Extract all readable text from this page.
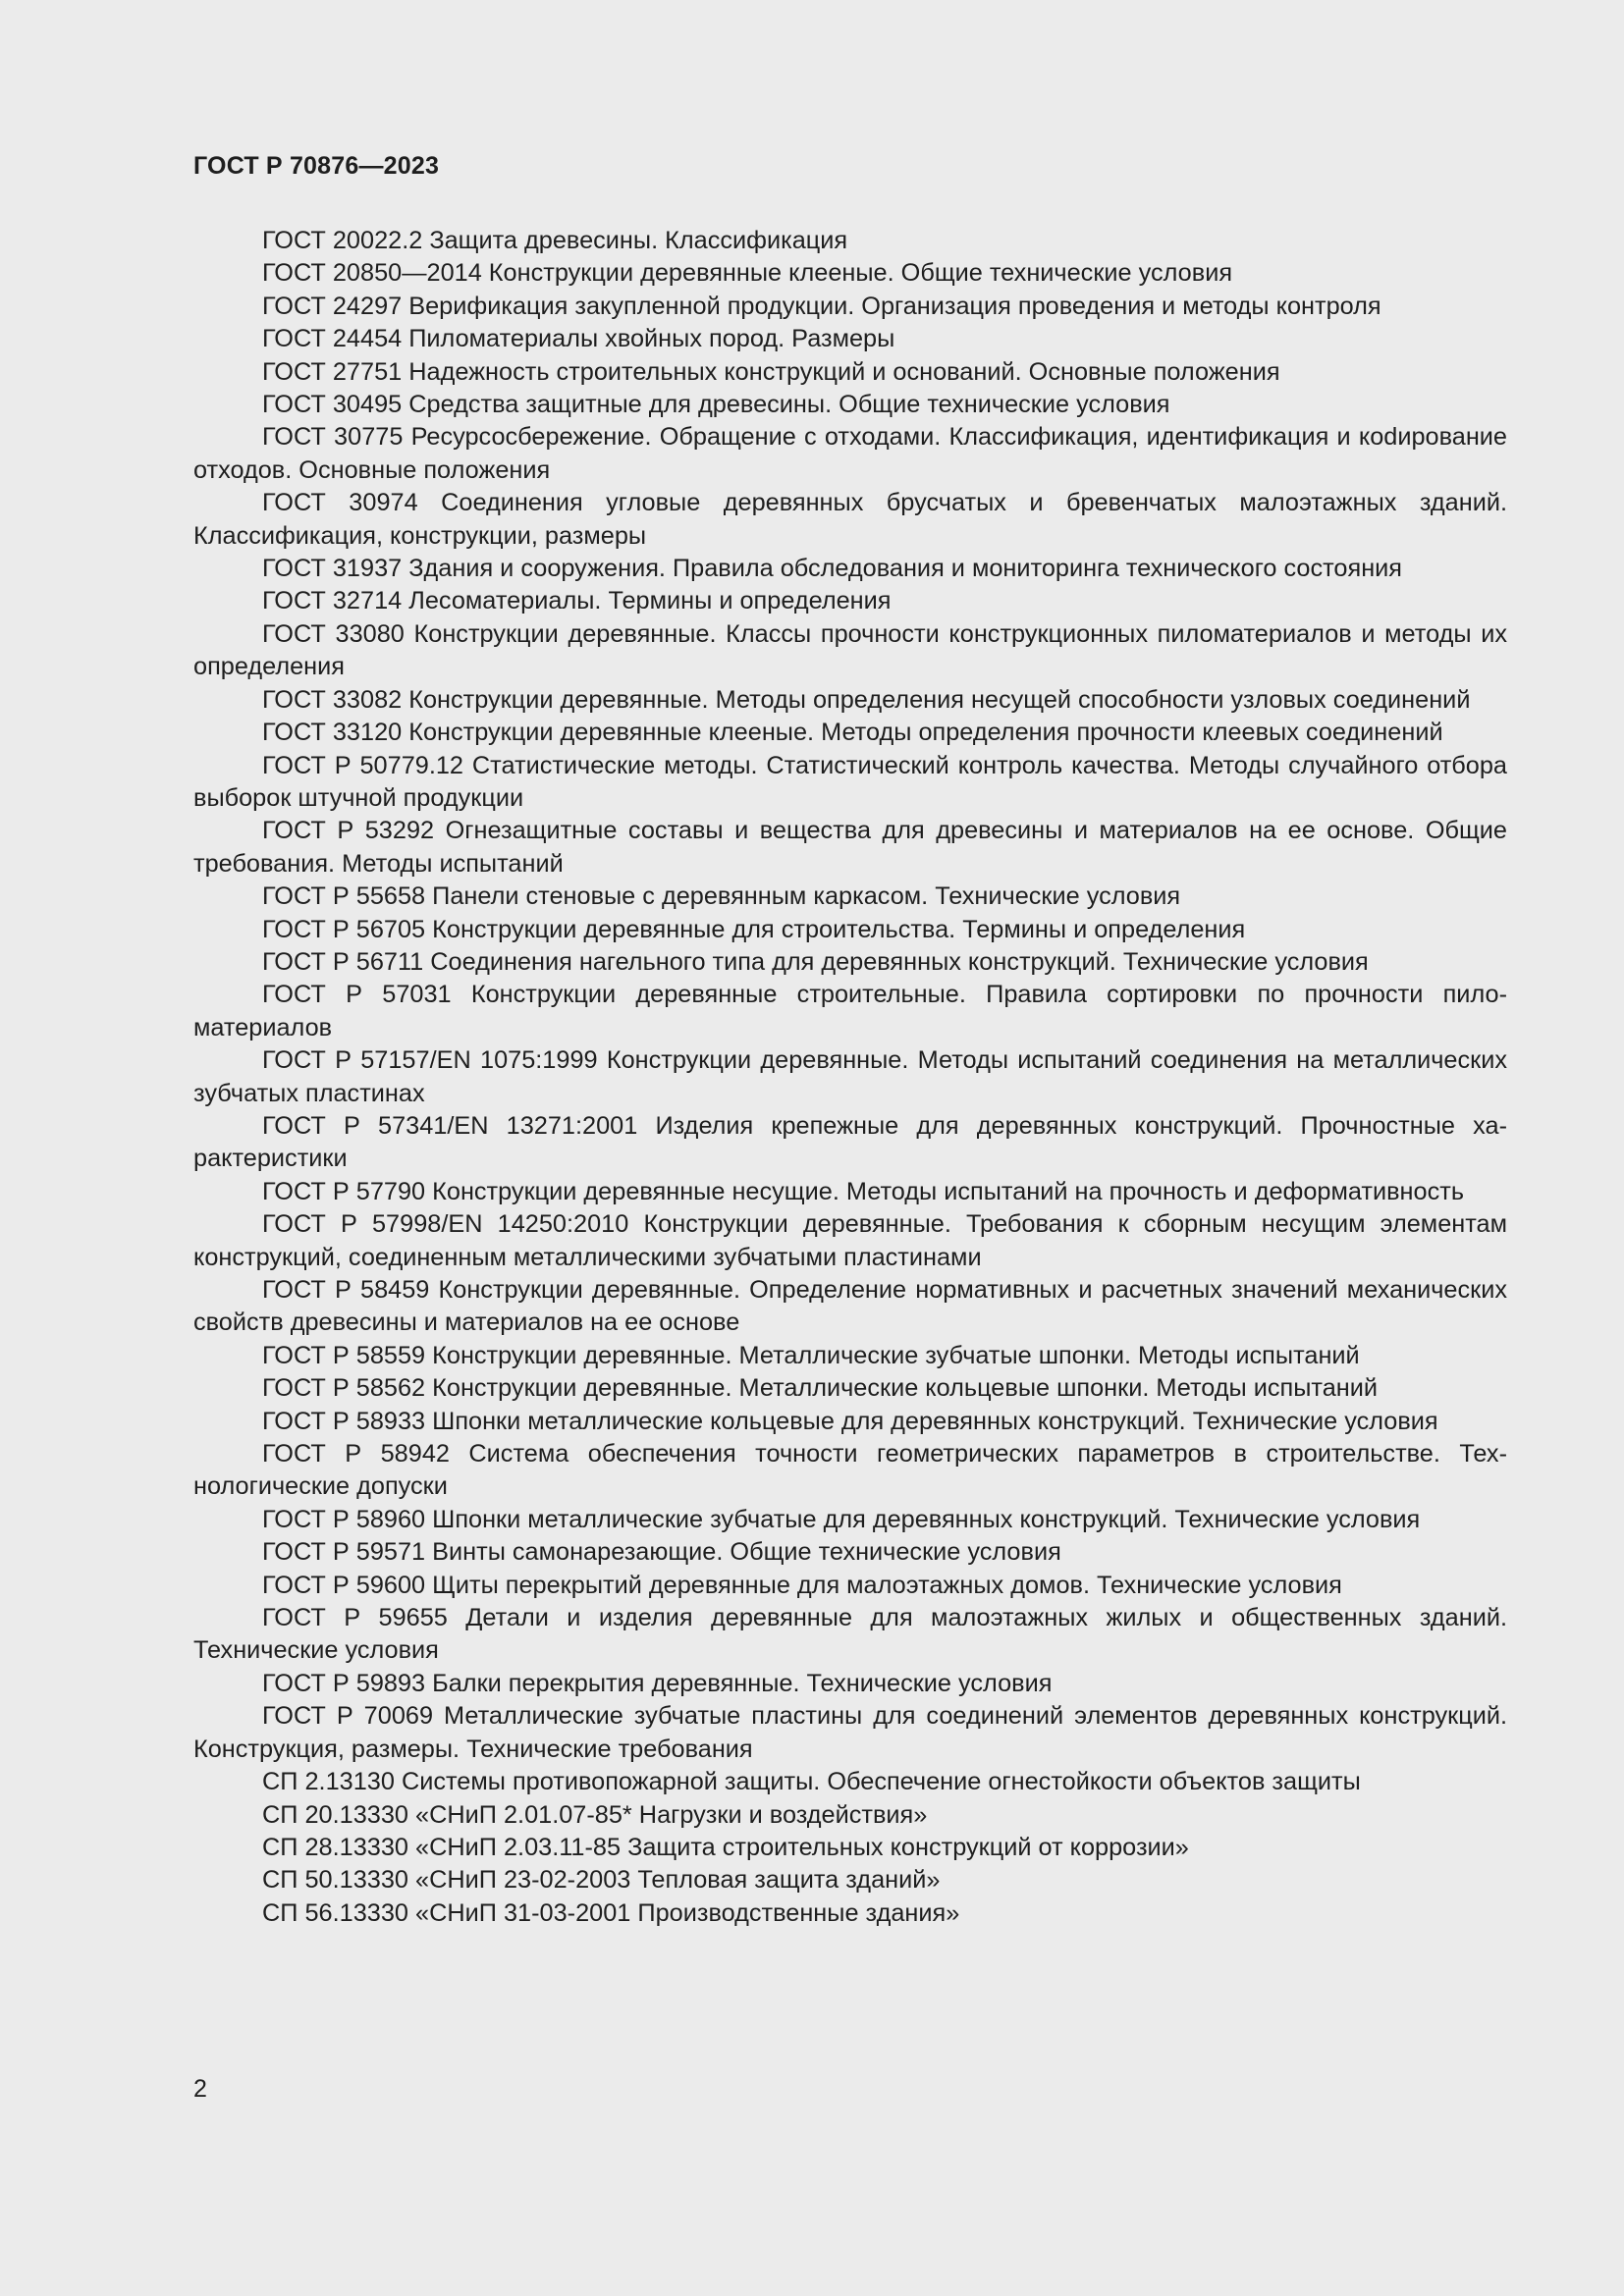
ГОСТ Р 70876—2023
ГОСТ 20022.2 Защита древесины. Классификация
ГОСТ 20850—2014 Конструкции деревянные клееные. Общие технические условия
ГОСТ 24297 Верификация закупленной продукции. Организация проведения и методы контроля
ГОСТ 24454 Пиломатериалы хвойных пород. Размеры
ГОСТ 27751 Надежность строительных конструкций и оснований. Основные положения
ГОСТ 30495 Средства защитные для древесины. Общие технические условия
ГОСТ 30775 Ресурсосбережение. Обращение с отходами. Классификация, идентификация и коdирование отходов. Основные положения
ГОСТ 30974 Соединения угловые деревянных брусчатых и бревенчатых малоэтажных зданий. Классификация, конструкции, размеры
ГОСТ 31937 Здания и сооружения. Правила обследования и мониторинга технического состояния
ГОСТ 32714 Лесоматериалы. Термины и определения
ГОСТ 33080 Конструкции деревянные. Классы прочности конструкционных пиломатериалов и методы их определения
ГОСТ 33082 Конструкции деревянные. Методы определения несущей способности узловых соединений
ГОСТ 33120 Конструкции деревянные клееные. Методы определения прочности клеевых соединений
ГОСТ Р 50779.12 Статистические методы. Статистический контроль качества. Методы случайного отбора выборок штучной продукции
ГОСТ Р 53292 Огнезащитные составы и вещества для древесины и материалов на ее основе. Общие требования. Методы испытаний
ГОСТ Р 55658 Панели стеновые с деревянным каркасом. Технические условия
ГОСТ Р 56705 Конструкции деревянные для строительства. Термины и определения
ГОСТ Р 56711 Соединения нагельного типа для деревянных конструкций. Технические условия
ГОСТ Р 57031 Конструкции деревянные строительные. Правила сортировки по прочности пиломатериалов
ГОСТ Р 57157/EN 1075:1999 Конструкции деревянные. Методы испытаний соединения на металлических зубчатых пластинах
ГОСТ Р 57341/EN 13271:2001 Изделия крепежные для деревянных конструкций. Прочностные характеристики
ГОСТ Р 57790 Конструкции деревянные несущие. Методы испытаний на прочность и деформативность
ГОСТ Р 57998/EN 14250:2010 Конструкции деревянные. Требования к сборным несущим элементам конструкций, соединенным металлическими зубчатыми пластинами
ГОСТ Р 58459 Конструкции деревянные. Определение нормативных и расчетных значений механических свойств древесины и материалов на ее основе
ГОСТ Р 58559 Конструкции деревянные. Металлические зубчатые шпонки. Методы испытаний
ГОСТ Р 58562 Конструкции деревянные. Металлические кольцевые шпонки. Методы испытаний
ГОСТ Р 58933 Шпонки металлические кольцевые для деревянных конструкций. Технические условия
ГОСТ Р 58942 Система обеспечения точности геометрических параметров в строительстве. Технологические допуски
ГОСТ Р 58960 Шпонки металлические зубчатые для деревянных конструкций. Технические условия
ГОСТ Р 59571 Винты самонарезающие. Общие технические условия
ГОСТ Р 59600 Щиты перекрытий деревянные для малоэтажных домов. Технические условия
ГОСТ Р 59655 Детали и изделия деревянные для малоэтажных жилых и общественных зданий. Технические условия
ГОСТ Р 59893 Балки перекрытия деревянные. Технические условия
ГОСТ Р 70069 Металлические зубчатые пластины для соединений элементов деревянных конструкций. Конструкция, размеры. Технические требования
СП 2.13130 Системы противопожарной защиты. Обеспечение огнестойкости объектов защиты
СП 20.13330 «СНиП 2.01.07-85* Нагрузки и воздействия»
СП 28.13330 «СНиП 2.03.11-85 Защита строительных конструкций от коррозии»
СП 50.13330 «СНиП 23-02-2003 Тепловая защита зданий»
СП 56.13330 «СНиП 31-03-2001 Производственные здания»
2
